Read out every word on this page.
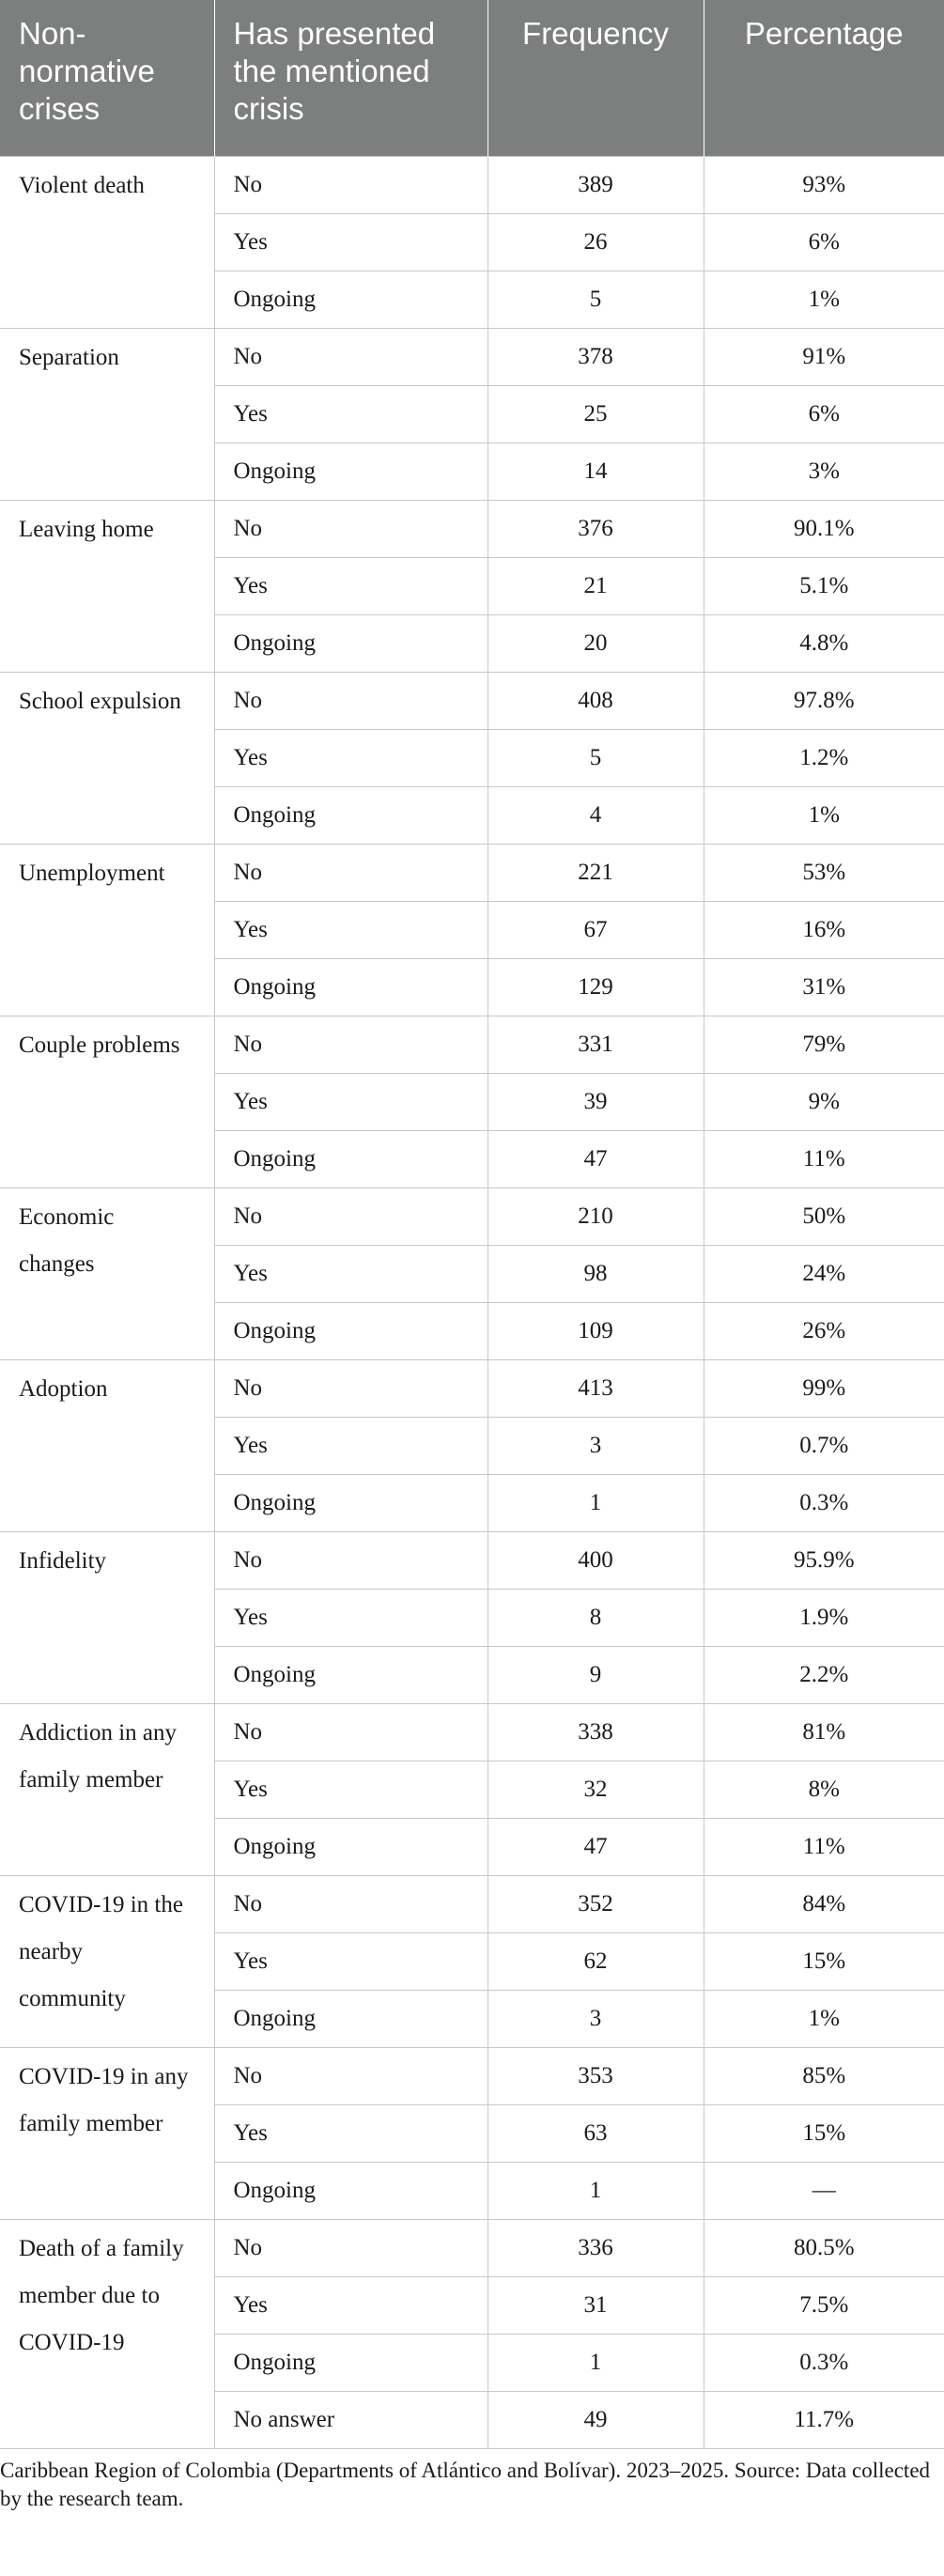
Non-normative crises	Has presented the mentioned crisis	Frequency	Percentage
Violent death	No	389	93%
	Yes	26	6%
	Ongoing	5	1%
Separation	No	378	91%
	Yes	25	6%
	Ongoing	14	3%
Leaving home	No	376	90.1%
	Yes	21	5.1%
	Ongoing	20	4.8%
School expulsion	No	408	97.8%
	Yes	5	1.2%
	Ongoing	4	1%
Unemployment	No	221	53%
	Yes	67	16%
	Ongoing	129	31%
Couple problems	No	331	79%
	Yes	39	9%
	Ongoing	47	11%
Economic changes	No	210	50%
	Yes	98	24%
	Ongoing	109	26%
Adoption	No	413	99%
	Yes	3	0.7%
	Ongoing	1	0.3%
Infidelity	No	400	95.9%
	Yes	8	1.9%
	Ongoing	9	2.2%
Addiction in any family member	No	338	81%
	Yes	32	8%
	Ongoing	47	11%
COVID-19 in the nearby community	No	352	84%
	Yes	62	15%
	Ongoing	3	1%
COVID-19 in any family member	No	353	85%
	Yes	63	15%
	Ongoing	1	—
Death of a family member due to COVID-19	No	336	80.5%
	Yes	31	7.5%
	Ongoing	1	0.3%
	No answer	49	11.7%
Caribbean Region of Colombia (Departments of Atlántico and Bolívar). 2023–2025. Source: Data collected by the research team.
